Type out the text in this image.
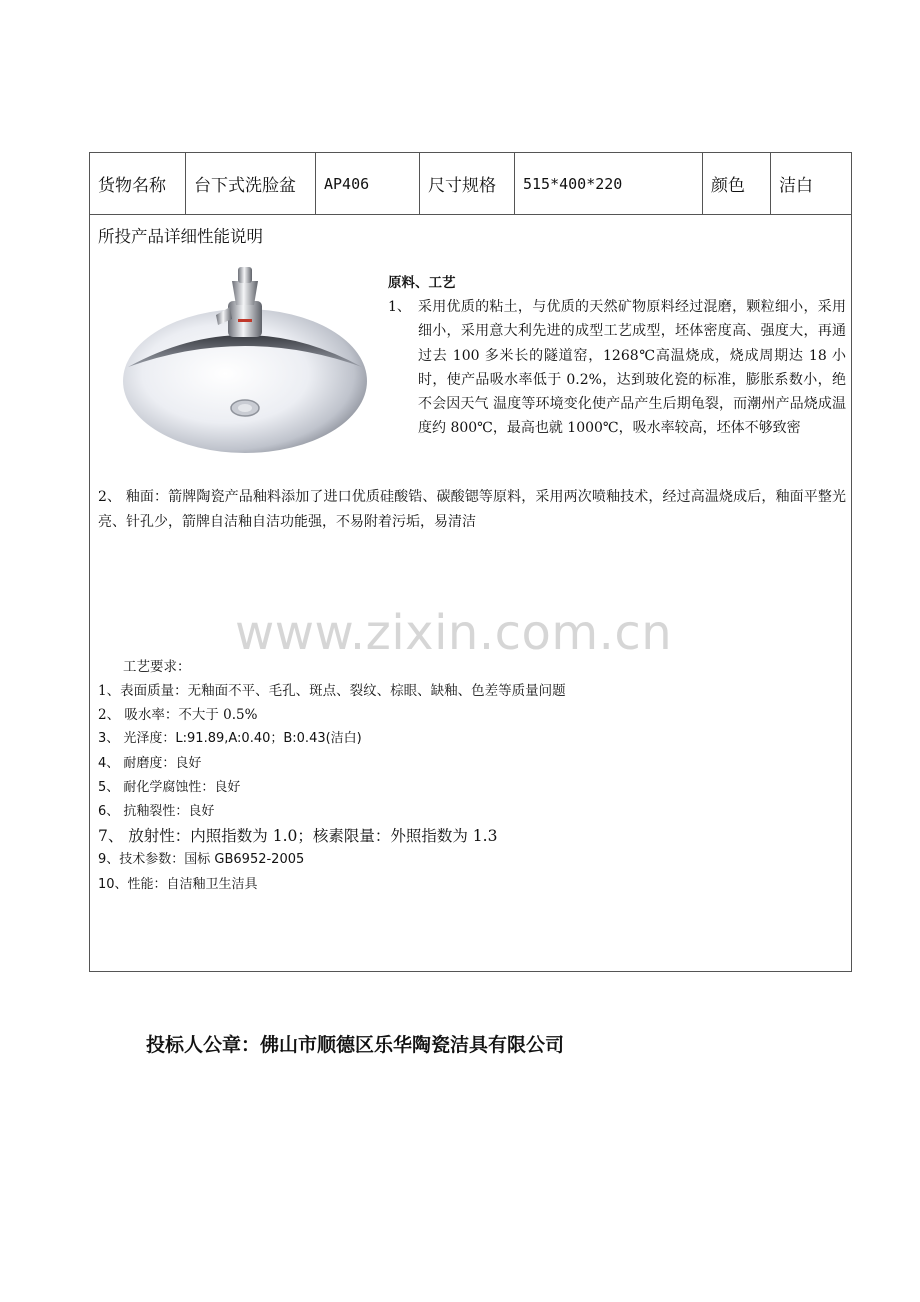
货物名称	台下式洗脸盆	AP406	尺寸规格	515*400*220	颜色	洁白
所投产品详细性能说明
原料、工艺
1、 采用优质的粘土，与优质的天然矿物原料经过混磨，颗粒细小，采用细小，采用意大利先进的成型工艺成型，坯体密度高、强度大，再通过去 100 多米长的隧道窑，1268℃高温烧成，烧成周期达 18 小时，使产品吸水率低于 0.2%，达到玻化瓷的标准，膨胀系数小，绝不会因天气 温度等环境变化使产品产生后期龟裂，而潮州产品烧成温度约 800℃，最高也就 1000℃，吸水率较高，坯体不够致密
2、 釉面：箭牌陶瓷产品釉料添加了进口优质硅酸锆、碳酸锶等原料，采用两次喷釉技术，经过高温烧成后，釉面平整光亮、针孔少，箭牌自洁釉自洁功能强，不易附着污垢，易清洁
www.zixin.com.cn
工艺要求：
1、表面质量：无釉面不平、毛孔、斑点、裂纹、棕眼、缺釉、色差等质量问题
2、 吸水率：不大于 0.5%
3、 光泽度：L:91.89,A:0.40；B:0.43(洁白)
4、 耐磨度：良好
5、 耐化学腐蚀性：良好
6、 抗釉裂性：良好
7、 放射性：内照指数为 1.0；核素限量：外照指数为 1.3
9、技术参数：国标 GB6952-2005
10、性能：自洁釉卫生洁具
投标人公章：佛山市顺德区乐华陶瓷洁具有限公司
